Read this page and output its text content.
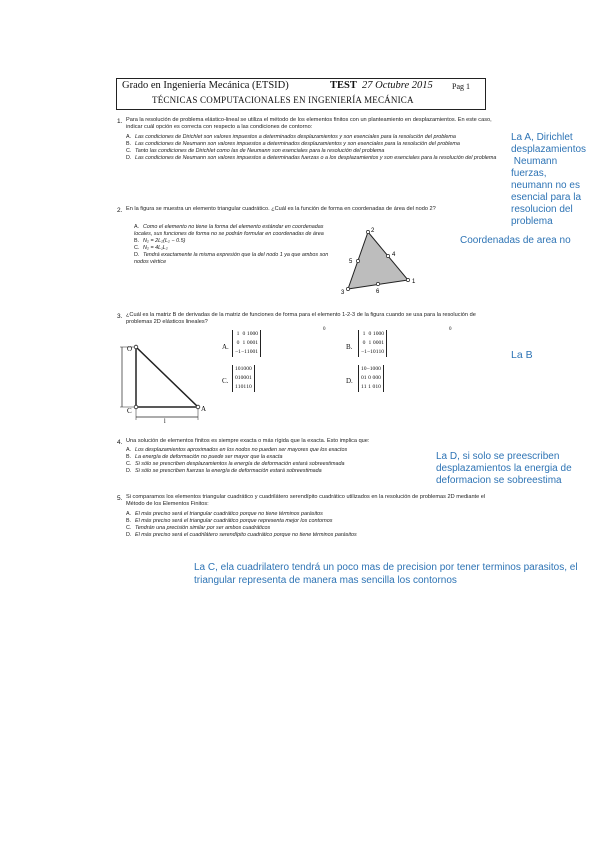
Grado en Ingeniería Mecánica (ETSID)	TEST 27 Octubre 2015 Pag 1
TÉCNICAS COMPUTACIONALES EN INGENIERÍA MECÁNICA
1. Para la resolución de problema elástico-lineal se utiliza el método de los elementos finitos con un planteamiento en desplazamientos. En este caso, indicar cuál opción es correcta con respecto a las condiciones de contorno:
A. Las condiciones de Dirichlet son valores impuestos a determinados desplazamientos y son esenciales para la resolución del problema
B. Las condiciones de Neumann son valores impuestos a determinados desplazamientos y son esenciales para la resolución del problema
C. Tanto las condiciones de Dirichlet como las de Neumann son esenciales para la resolución del problema
D. Las condiciones de Neumann son valores impuestos a determinadas fuerzas o a los desplazamientos y son esenciales para la resolución del problema
2. En la figura se muestra un elemento triangular cuadrático. ¿Cuál es la función de forma en coordenadas de área del nodo 2?
A. Como el elemento no tiene la forma del elemento estándar en coordenadas locales, sus funciones de forma no se podrán formular en coordenadas de área
B. N₂ = 2L₂(L₂ − 0.5)
C. N₂ = 4L₁L₂
D. Tendrá exactamente la misma expresión que la del nodo 1 ya que ambos son nodos vértice
2
1
3
4
5
6
3. ¿Cuál es la matriz B de derivadas de la matriz de funciones de forma para el elemento 1-2-3 de la figura cuando se usa para la resolución de problemas 2D elásticos lineales?
O
C	A
l
A.
1	0	1	0	0	0
0	1	0	0	0	1
−1	−1	1	0	0	1
B.
1	0	1	0	0	0
0	1	0	0	0	1
−1	−1	0	1	1	0
C.
1	0	1	0	0	0
0	1	0	0	0	1
1	1	0	1	1	0
D.
1	0	−1	0	0	0
0	1	0	0	0	0
1	1	1	0	1	0
0	0
4. Una solución de elementos finitos es siempre exacta o más rígida que la exacta. Esto implica que:
A. Los desplazamientos aproximados en los nodos no pueden ser mayores que los exactos
B. La energía de deformación no puede ser mayor que la exacta
C. Si sólo se prescriben desplazamientos la energía de deformación estará sobreestimada
D. Si sólo se prescriben fuerzas la energía de deformación estará sobreestimada
5. Si comparamos los elementos triangular cuadrático y cuadrilátero serendípito cuadrático utilizados en la resolución de problemas 2D mediante el Método de los Elementos Finitos:
A. El más preciso será el triangular cuadrático porque no tiene términos parásitos
B. El más preciso será el triangular cuadrático porque representa mejor los contornos
C. Tendrán una precisión similar por ser ambos cuadráticos
D. El más preciso será el cuadrilátero serendípito cuadrático porque no tiene términos parásitos
La A, Dirichlet desplazamientos
Neumann fuerzas, neumann no es esencial para la resolucion del problema
Coordenadas de area no
La B
La D, si solo se preescriben desplazamientos la energia de deformacion se sobreestima
La C, ela cuadrilatero tendrá un poco mas de precision por tener terminos parasitos, el triangular representa de manera mas sencilla los contornos
